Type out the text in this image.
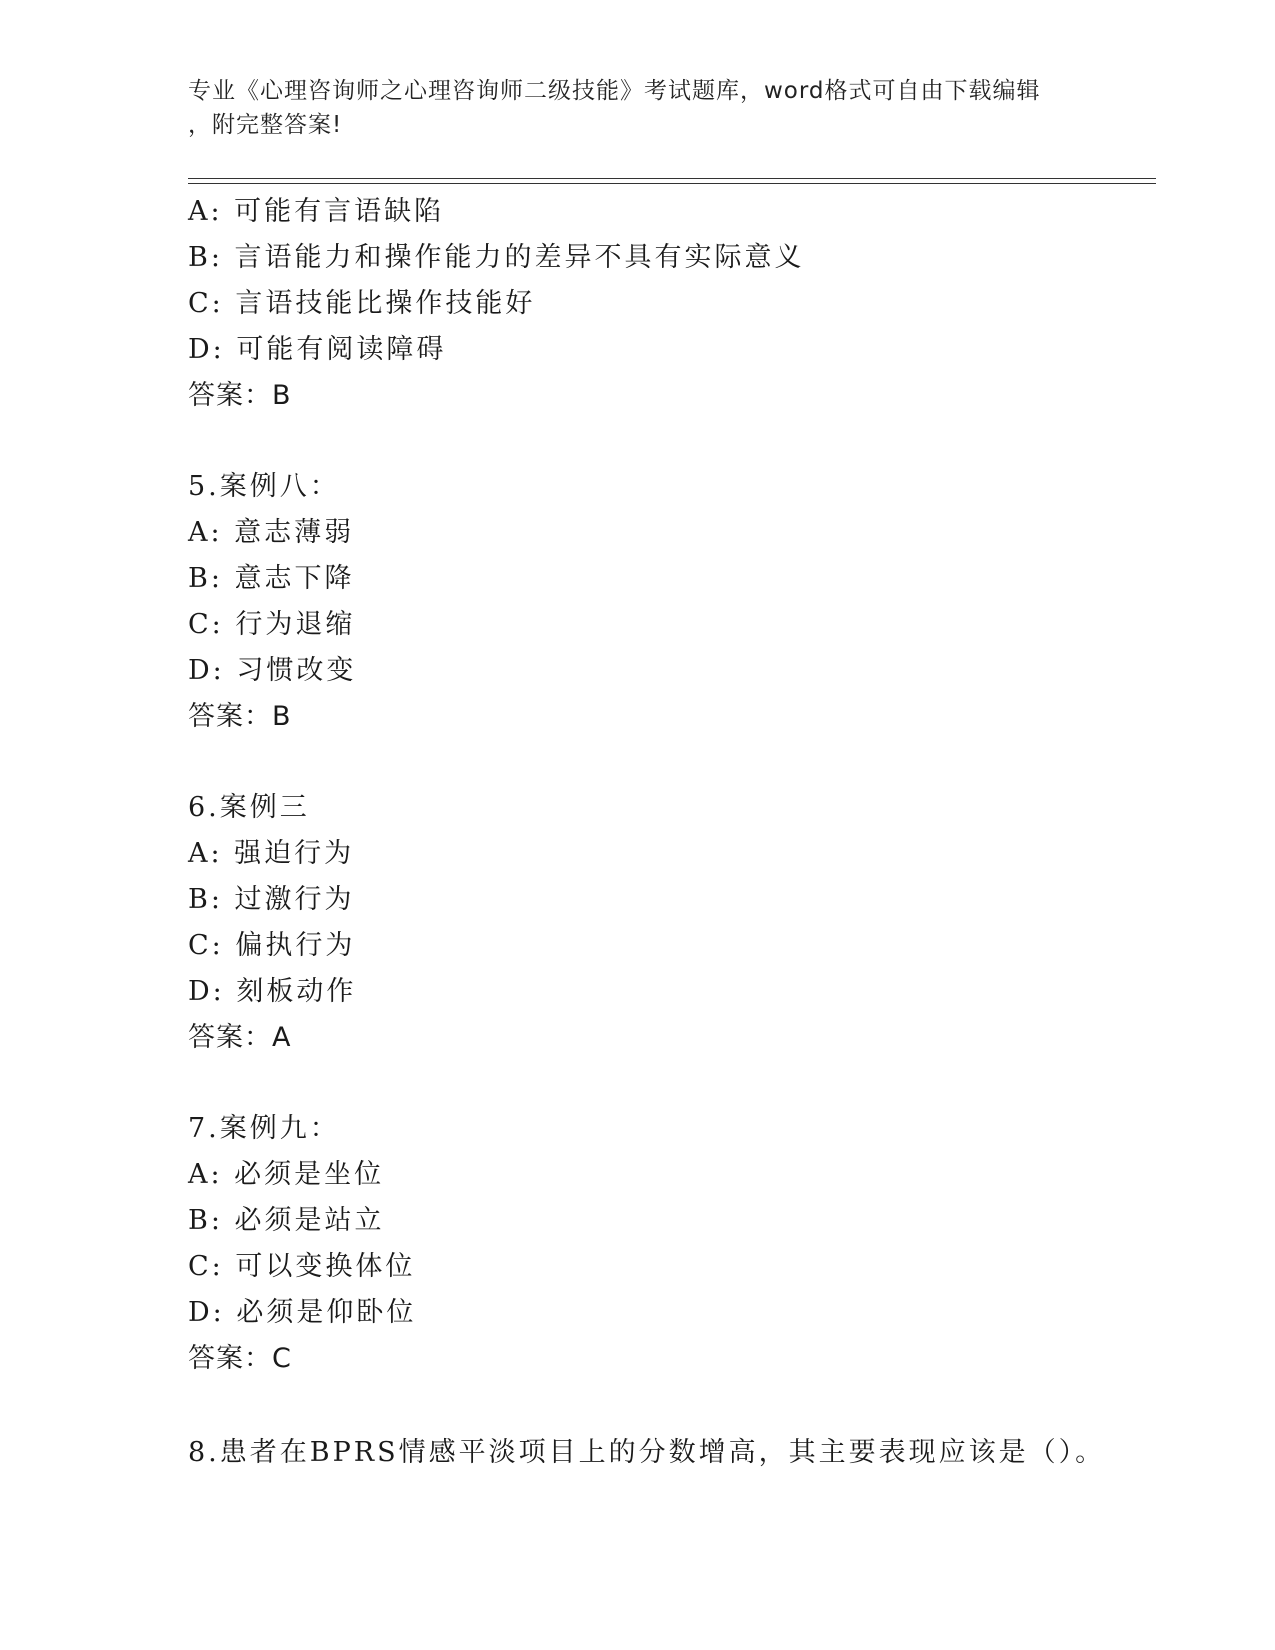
专业《心理咨询师之心理咨询师二级技能》考试题库，word格式可自由下载编辑
，附完整答案!
A: 可能有言语缺陷
B: 言语能力和操作能力的差异不具有实际意义
C: 言语技能比操作技能好
D: 可能有阅读障碍
答案：B
5.案例八：
A: 意志薄弱
B: 意志下降
C: 行为退缩
D: 习惯改变
答案：B
6.案例三
A: 强迫行为
B: 过激行为
C: 偏执行为
D: 刻板动作
答案：A
7.案例九：
A: 必须是坐位
B: 必须是站立
C: 可以变换体位
D: 必须是仰卧位
答案：C
8.患者在BPRS情感平淡项目上的分数增高，其主要表现应该是（）。
